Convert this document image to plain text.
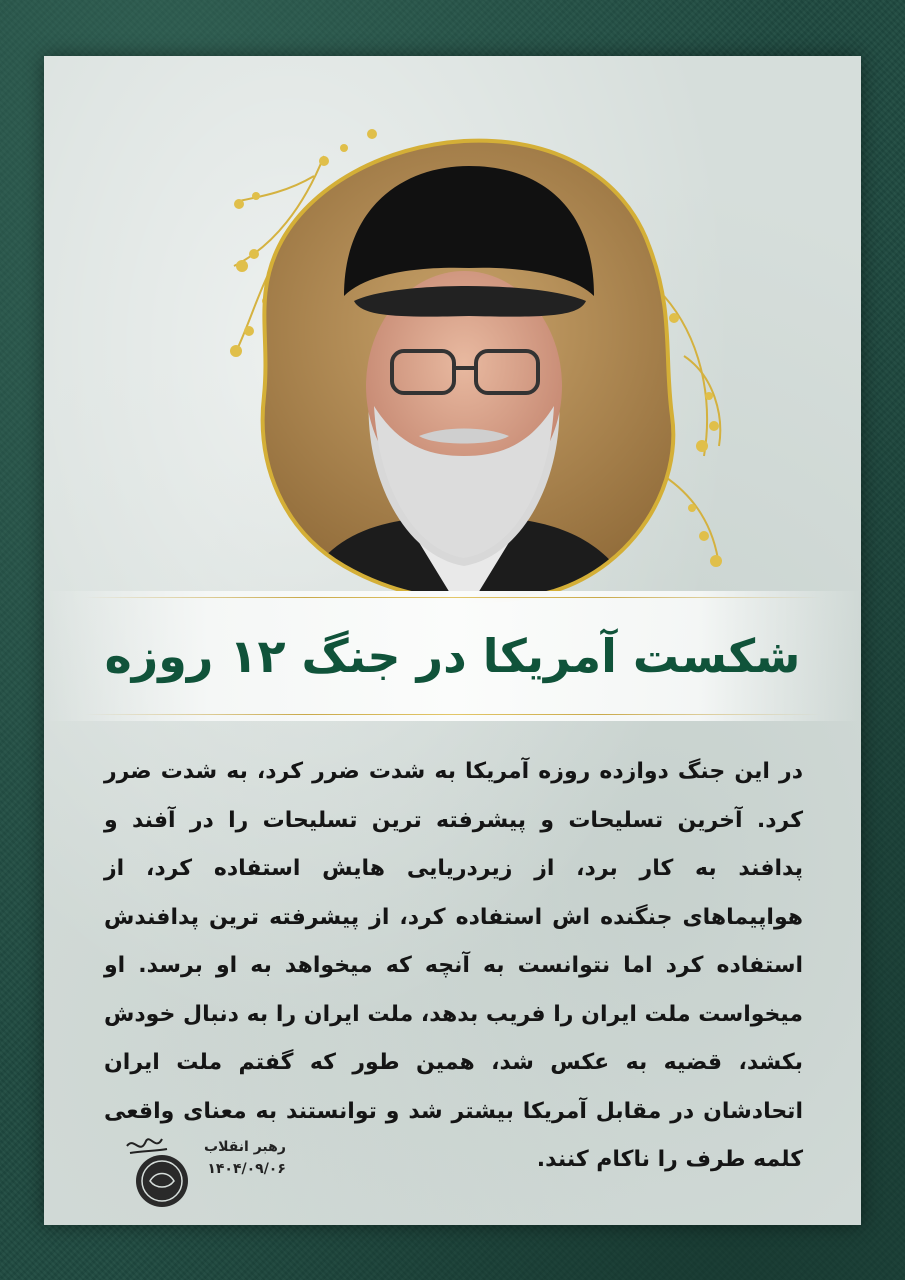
شکست آمریکا در جنگ ۱۲ روزه
در این جنگ دوازده روزه آمریکا به شدت ضرر کرد، به شدت ضرر کرد. آخرین تسلیحات و پیشرفته ترین تسلیحات را در آفند و پدافند به کار برد، از زیردریایی هایش استفاده کرد، از هواپیماهای جنگنده اش استفاده کرد، از پیشرفته ترین پدافندش استفاده کرد اما نتوانست به آنچه که میخواهد به او برسد. او میخواست ملت ایران را فریب بدهد، ملت ایران را به دنبال خودش بکشد، قضیه به عکس شد، همین طور که گفتم ملت ایران اتحادشان در مقابل آمریکا بیشتر شد و توانستند به معنای واقعی کلمه طرف را ناکام کنند.
رهبر انقلاب
۱۴۰۴/۰۹/۰۶
